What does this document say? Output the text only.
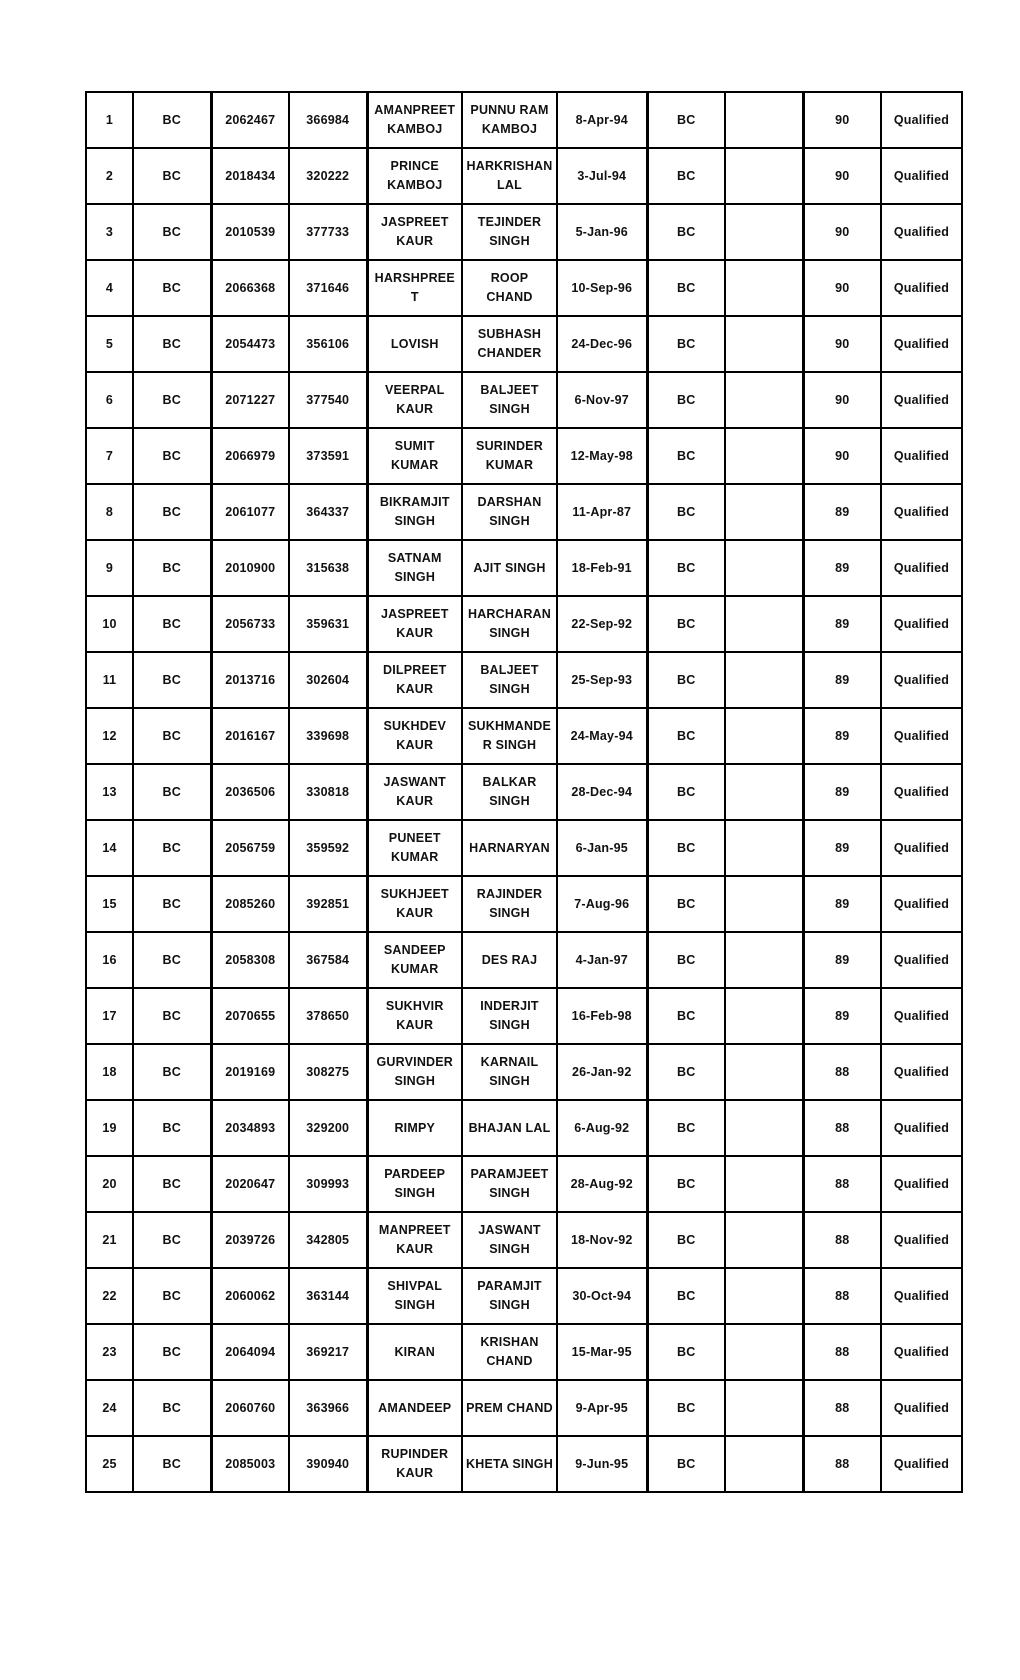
1	BC	2062467	366984	AMANPREET KAMBOJ	PUNNU RAM KAMBOJ	8-Apr-94	BC		90	Qualified
2	BC	2018434	320222	PRINCE KAMBOJ	HARKRISHAN LAL	3-Jul-94	BC		90	Qualified
3	BC	2010539	377733	JASPREET KAUR	TEJINDER SINGH	5-Jan-96	BC		90	Qualified
4	BC	2066368	371646	HARSHPREET	ROOP CHAND	10-Sep-96	BC		90	Qualified
5	BC	2054473	356106	LOVISH	SUBHASH CHANDER	24-Dec-96	BC		90	Qualified
6	BC	2071227	377540	VEERPAL KAUR	BALJEET SINGH	6-Nov-97	BC		90	Qualified
7	BC	2066979	373591	SUMIT KUMAR	SURINDER KUMAR	12-May-98	BC		90	Qualified
8	BC	2061077	364337	BIKRAMJIT SINGH	DARSHAN SINGH	11-Apr-87	BC		89	Qualified
9	BC	2010900	315638	SATNAM SINGH	AJIT SINGH	18-Feb-91	BC		89	Qualified
10	BC	2056733	359631	JASPREET KAUR	HARCHARAN SINGH	22-Sep-92	BC		89	Qualified
11	BC	2013716	302604	DILPREET KAUR	BALJEET SINGH	25-Sep-93	BC		89	Qualified
12	BC	2016167	339698	SUKHDEV KAUR	SUKHMANDE R SINGH	24-May-94	BC		89	Qualified
13	BC	2036506	330818	JASWANT KAUR	BALKAR SINGH	28-Dec-94	BC		89	Qualified
14	BC	2056759	359592	PUNEET KUMAR	HARNARYAN	6-Jan-95	BC		89	Qualified
15	BC	2085260	392851	SUKHJEET KAUR	RAJINDER SINGH	7-Aug-96	BC		89	Qualified
16	BC	2058308	367584	SANDEEP KUMAR	DES RAJ	4-Jan-97	BC		89	Qualified
17	BC	2070655	378650	SUKHVIR KAUR	INDERJIT SINGH	16-Feb-98	BC		89	Qualified
18	BC	2019169	308275	GURVINDER SINGH	KARNAIL SINGH	26-Jan-92	BC		88	Qualified
19	BC	2034893	329200	RIMPY	BHAJAN LAL	6-Aug-92	BC		88	Qualified
20	BC	2020647	309993	PARDEEP SINGH	PARAMJEET SINGH	28-Aug-92	BC		88	Qualified
21	BC	2039726	342805	MANPREET KAUR	JASWANT SINGH	18-Nov-92	BC		88	Qualified
22	BC	2060062	363144	SHIVPAL SINGH	PARAMJIT SINGH	30-Oct-94	BC		88	Qualified
23	BC	2064094	369217	KIRAN	KRISHAN CHAND	15-Mar-95	BC		88	Qualified
24	BC	2060760	363966	AMANDEEP	PREM CHAND	9-Apr-95	BC		88	Qualified
25	BC	2085003	390940	RUPINDER KAUR	KHETA SINGH	9-Jun-95	BC		88	Qualified
